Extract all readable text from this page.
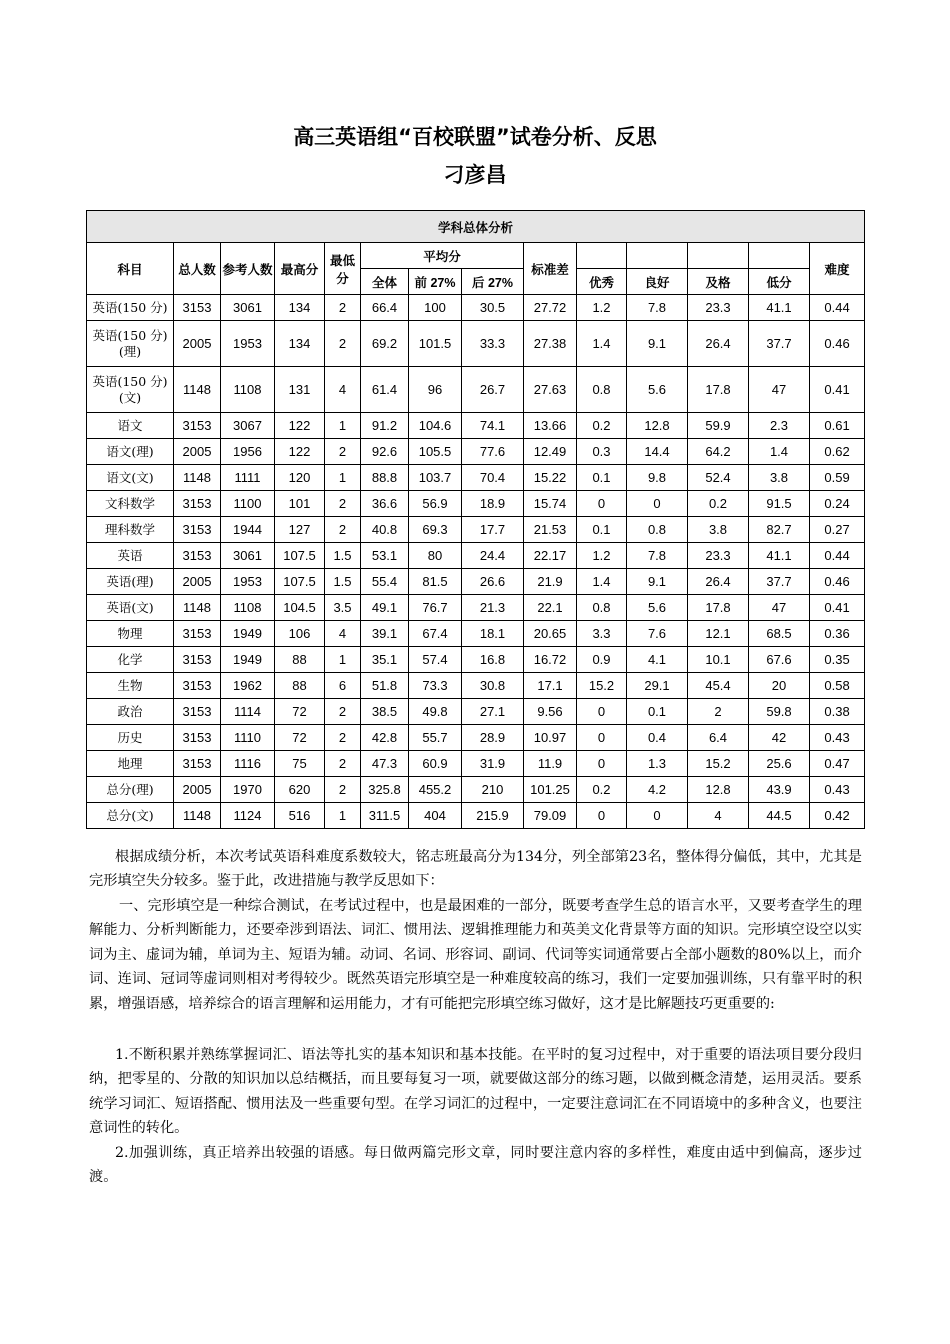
高三英语组“百校联盟”试卷分析、反思
刁彦昌
学科总体分析													
科目	总人数	参考人数	最高分	最低分	平均分			标准差					难度
					全体	前 27%	后 27%		优秀	良好	及格	低分	
英语(150 分)	3153	3061	134	2	66.4	100	30.5	27.72	1.2	7.8	23.3	41.1	0.44
英语(150 分)(理)	2005	1953	134	2	69.2	101.5	33.3	27.38	1.4	9.1	26.4	37.7	0.46
英语(150 分)(文)	1148	1108	131	4	61.4	96	26.7	27.63	0.8	5.6	17.8	47	0.41
语文	3153	3067	122	1	91.2	104.6	74.1	13.66	0.2	12.8	59.9	2.3	0.61
语文(理)	2005	1956	122	2	92.6	105.5	77.6	12.49	0.3	14.4	64.2	1.4	0.62
语文(文)	1148	1111	120	1	88.8	103.7	70.4	15.22	0.1	9.8	52.4	3.8	0.59
文科数学	3153	1100	101	2	36.6	56.9	18.9	15.74	0	0	0.2	91.5	0.24
理科数学	3153	1944	127	2	40.8	69.3	17.7	21.53	0.1	0.8	3.8	82.7	0.27
英语	3153	3061	107.5	1.5	53.1	80	24.4	22.17	1.2	7.8	23.3	41.1	0.44
英语(理)	2005	1953	107.5	1.5	55.4	81.5	26.6	21.9	1.4	9.1	26.4	37.7	0.46
英语(文)	1148	1108	104.5	3.5	49.1	76.7	21.3	22.1	0.8	5.6	17.8	47	0.41
物理	3153	1949	106	4	39.1	67.4	18.1	20.65	3.3	7.6	12.1	68.5	0.36
化学	3153	1949	88	1	35.1	57.4	16.8	16.72	0.9	4.1	10.1	67.6	0.35
生物	3153	1962	88	6	51.8	73.3	30.8	17.1	15.2	29.1	45.4	20	0.58
政治	3153	1114	72	2	38.5	49.8	27.1	9.56	0	0.1	2	59.8	0.38
历史	3153	1110	72	2	42.8	55.7	28.9	10.97	0	0.4	6.4	42	0.43
地理	3153	1116	75	2	47.3	60.9	31.9	11.9	0	1.3	15.2	25.6	0.47
总分(理)	2005	1970	620	2	325.8	455.2	210	101.25	0.2	4.2	12.8	43.9	0.43
总分(文)	1148	1124	516	1	311.5	404	215.9	79.09	0	0	4	44.5	0.42
根据成绩分析，本次考试英语科难度系数较大，铭志班最高分为134分，列全部第23名，整体得分偏低，其中，尤其是完形填空失分较多。鉴于此，改进措施与教学反思如下：
一、完形填空是一种综合测试，在考试过程中，也是最困难的一部分，既要考查学生总的语言水平，又要考查学生的理解能力、分析判断能力，还要牵涉到语法、词汇、惯用法、逻辑推理能力和英美文化背景等方面的知识。完形填空设空以实词为主、虚词为辅，单词为主、短语为辅。动词、名词、形容词、副词、代词等实词通常要占全部小题数的80%以上，而介词、连词、冠词等虚词则相对考得较少。既然英语完形填空是一种难度较高的练习，我们一定要加强训练，只有靠平时的积累，增强语感，培养综合的语言理解和运用能力，才有可能把完形填空练习做好，这才是比解题技巧更重要的:
1.不断积累并熟练掌握词汇、语法等扎实的基本知识和基本技能。在平时的复习过程中，对于重要的语法项目要分段归纳，把零星的、分散的知识加以总结概括，而且要每复习一项，就要做这部分的练习题，以做到概念清楚，运用灵活。要系统学习词汇、短语搭配、惯用法及一些重要句型。在学习词汇的过程中，一定要注意词汇在不同语境中的多种含义，也要注意词性的转化。
2.加强训练，真正培养出较强的语感。每日做两篇完形文章，同时要注意内容的多样性，难度由适中到偏高，逐步过渡。
